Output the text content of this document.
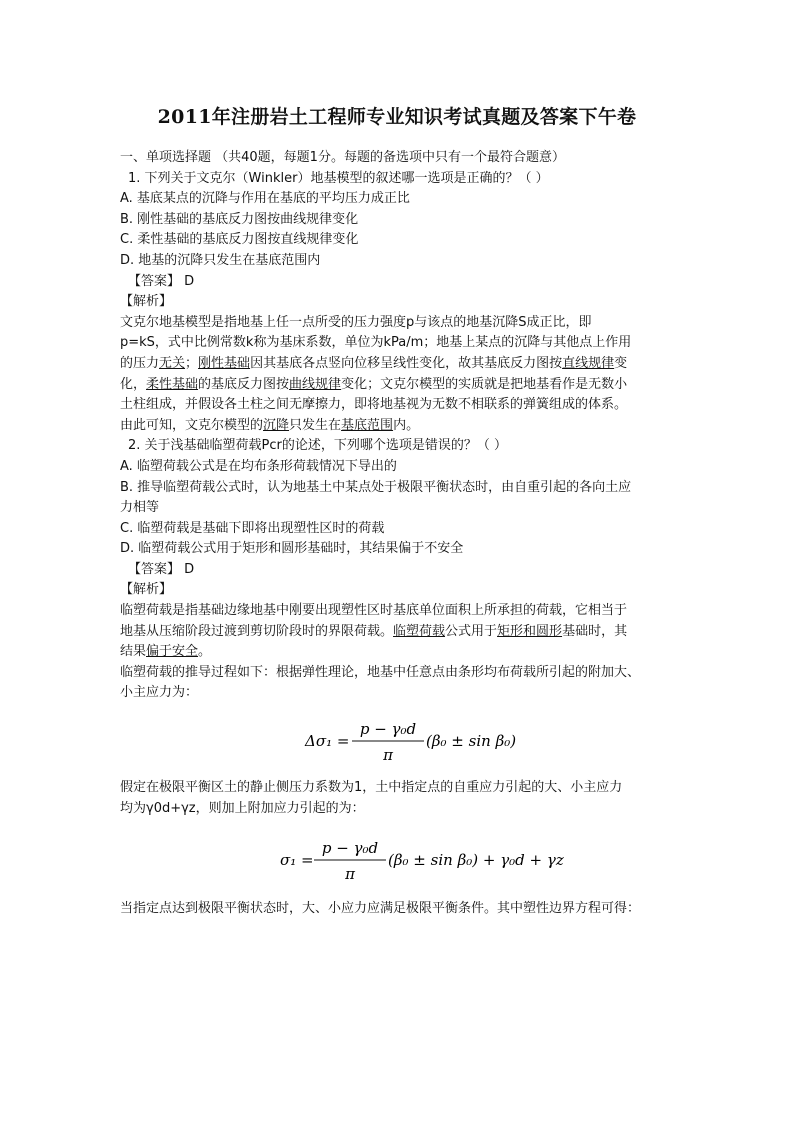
2011年注册岩土工程师专业知识考试真题及答案下午卷

一、单项选择题 （共40题，每题1分。每题的备选项中只有一个最符合题意）

1. 下列关于文克尔（Winkler）地基模型的叙述哪一选项是正确的？（ ）

A. 基底某点的沉降与作用在基底的平均压力成正比

B. 刚性基础的基底反力图按曲线规律变化

C. 柔性基础的基底反力图按直线规律变化

D. 地基的沉降只发生在基底范围内

【答案】 D

【解析】

文克尔地基模型是指地基上任一点所受的压力强度p与该点的地基沉降S成正比，即

p=kS，式中比例常数k称为基床系数，单位为kPa/m；地基上某点的沉降与其他点上作用

的压力无关；刚性基础因其基底各点竖向位移呈线性变化，故其基底反力图按直线规律变

化，柔性基础的基底反力图按曲线规律变化；文克尔模型的实质就是把地基看作是无数小

土柱组成，并假设各土柱之间无摩擦力，即将地基视为无数不相联系的弹簧组成的体系。

由此可知，文克尔模型的沉降只发生在基底范围内。

2. 关于浅基础临塑荷载Pcr的论述，下列哪个选项是错误的？（ ）

A. 临塑荷载公式是在均布条形荷载情况下导出的

B. 推导临塑荷载公式时，认为地基土中某点处于极限平衡状态时，由自重引起的各向土应

力相等

C. 临塑荷载是基础下即将出现塑性区时的荷载

D. 临塑荷载公式用于矩形和圆形基础时，其结果偏于不安全

【答案】 D

【解析】

临塑荷载是指基础边缘地基中刚要出现塑性区时基底单位面积上所承担的荷载，它相当于

地基从压缩阶段过渡到剪切阶段时的界限荷载。临塑荷载公式用于矩形和圆形基础时，其

结果偏于安全。

临塑荷载的推导过程如下：根据弹性理论，地基中任意点由条形均布荷载所引起的附加大、

小主应力为：

Δσ₁ =
p − γ₀d
π
(β₀ ± sin β₀)

假定在极限平衡区土的静止侧压力系数为1，土中指定点的自重应力引起的大、小主应力

均为γ0d+γz，则加上附加应力引起的为：

σ₁ =
p − γ₀d
π
(β₀ ± sin β₀) + γ₀d + γz

当指定点达到极限平衡状态时，大、小应力应满足极限平衡条件。其中塑性边界方程可得：
